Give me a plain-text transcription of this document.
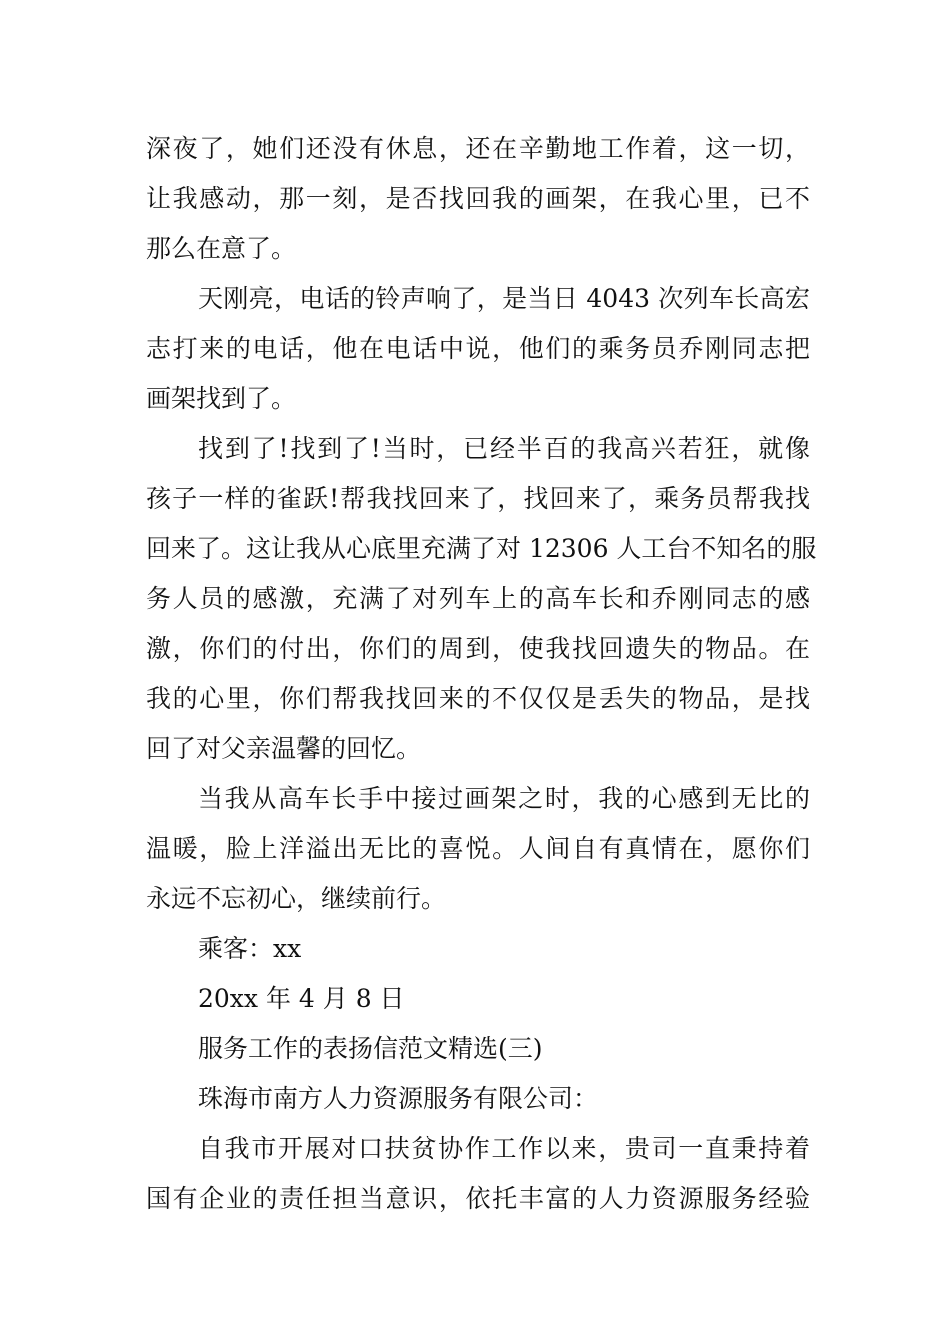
深夜了，她们还没有休息，还在辛勤地工作着，这一切，
让我感动，那一刻，是否找回我的画架，在我心里，已不
那么在意了。
天刚亮，电话的铃声响了，是当日 4043 次列车长高宏
志打来的电话，他在电话中说，他们的乘务员乔刚同志把
画架找到了。
找到了!找到了!当时，已经半百的我高兴若狂，就像
孩子一样的雀跃!帮我找回来了，找回来了，乘务员帮我找
回来了。这让我从心底里充满了对 12306 人工台不知名的服
务人员的感激，充满了对列车上的高车长和乔刚同志的感
激，你们的付出，你们的周到，使我找回遗失的物品。在
我的心里，你们帮我找回来的不仅仅是丢失的物品，是找
回了对父亲温馨的回忆。
当我从高车长手中接过画架之时，我的心感到无比的
温暖，脸上洋溢出无比的喜悦。人间自有真情在，愿你们
永远不忘初心，继续前行。
乘客：xx
20xx 年 4 月 8 日
服务工作的表扬信范文精选(三)
珠海市南方人力资源服务有限公司：
自我市开展对口扶贫协作工作以来，贵司一直秉持着
国有企业的责任担当意识，依托丰富的人力资源服务经验
